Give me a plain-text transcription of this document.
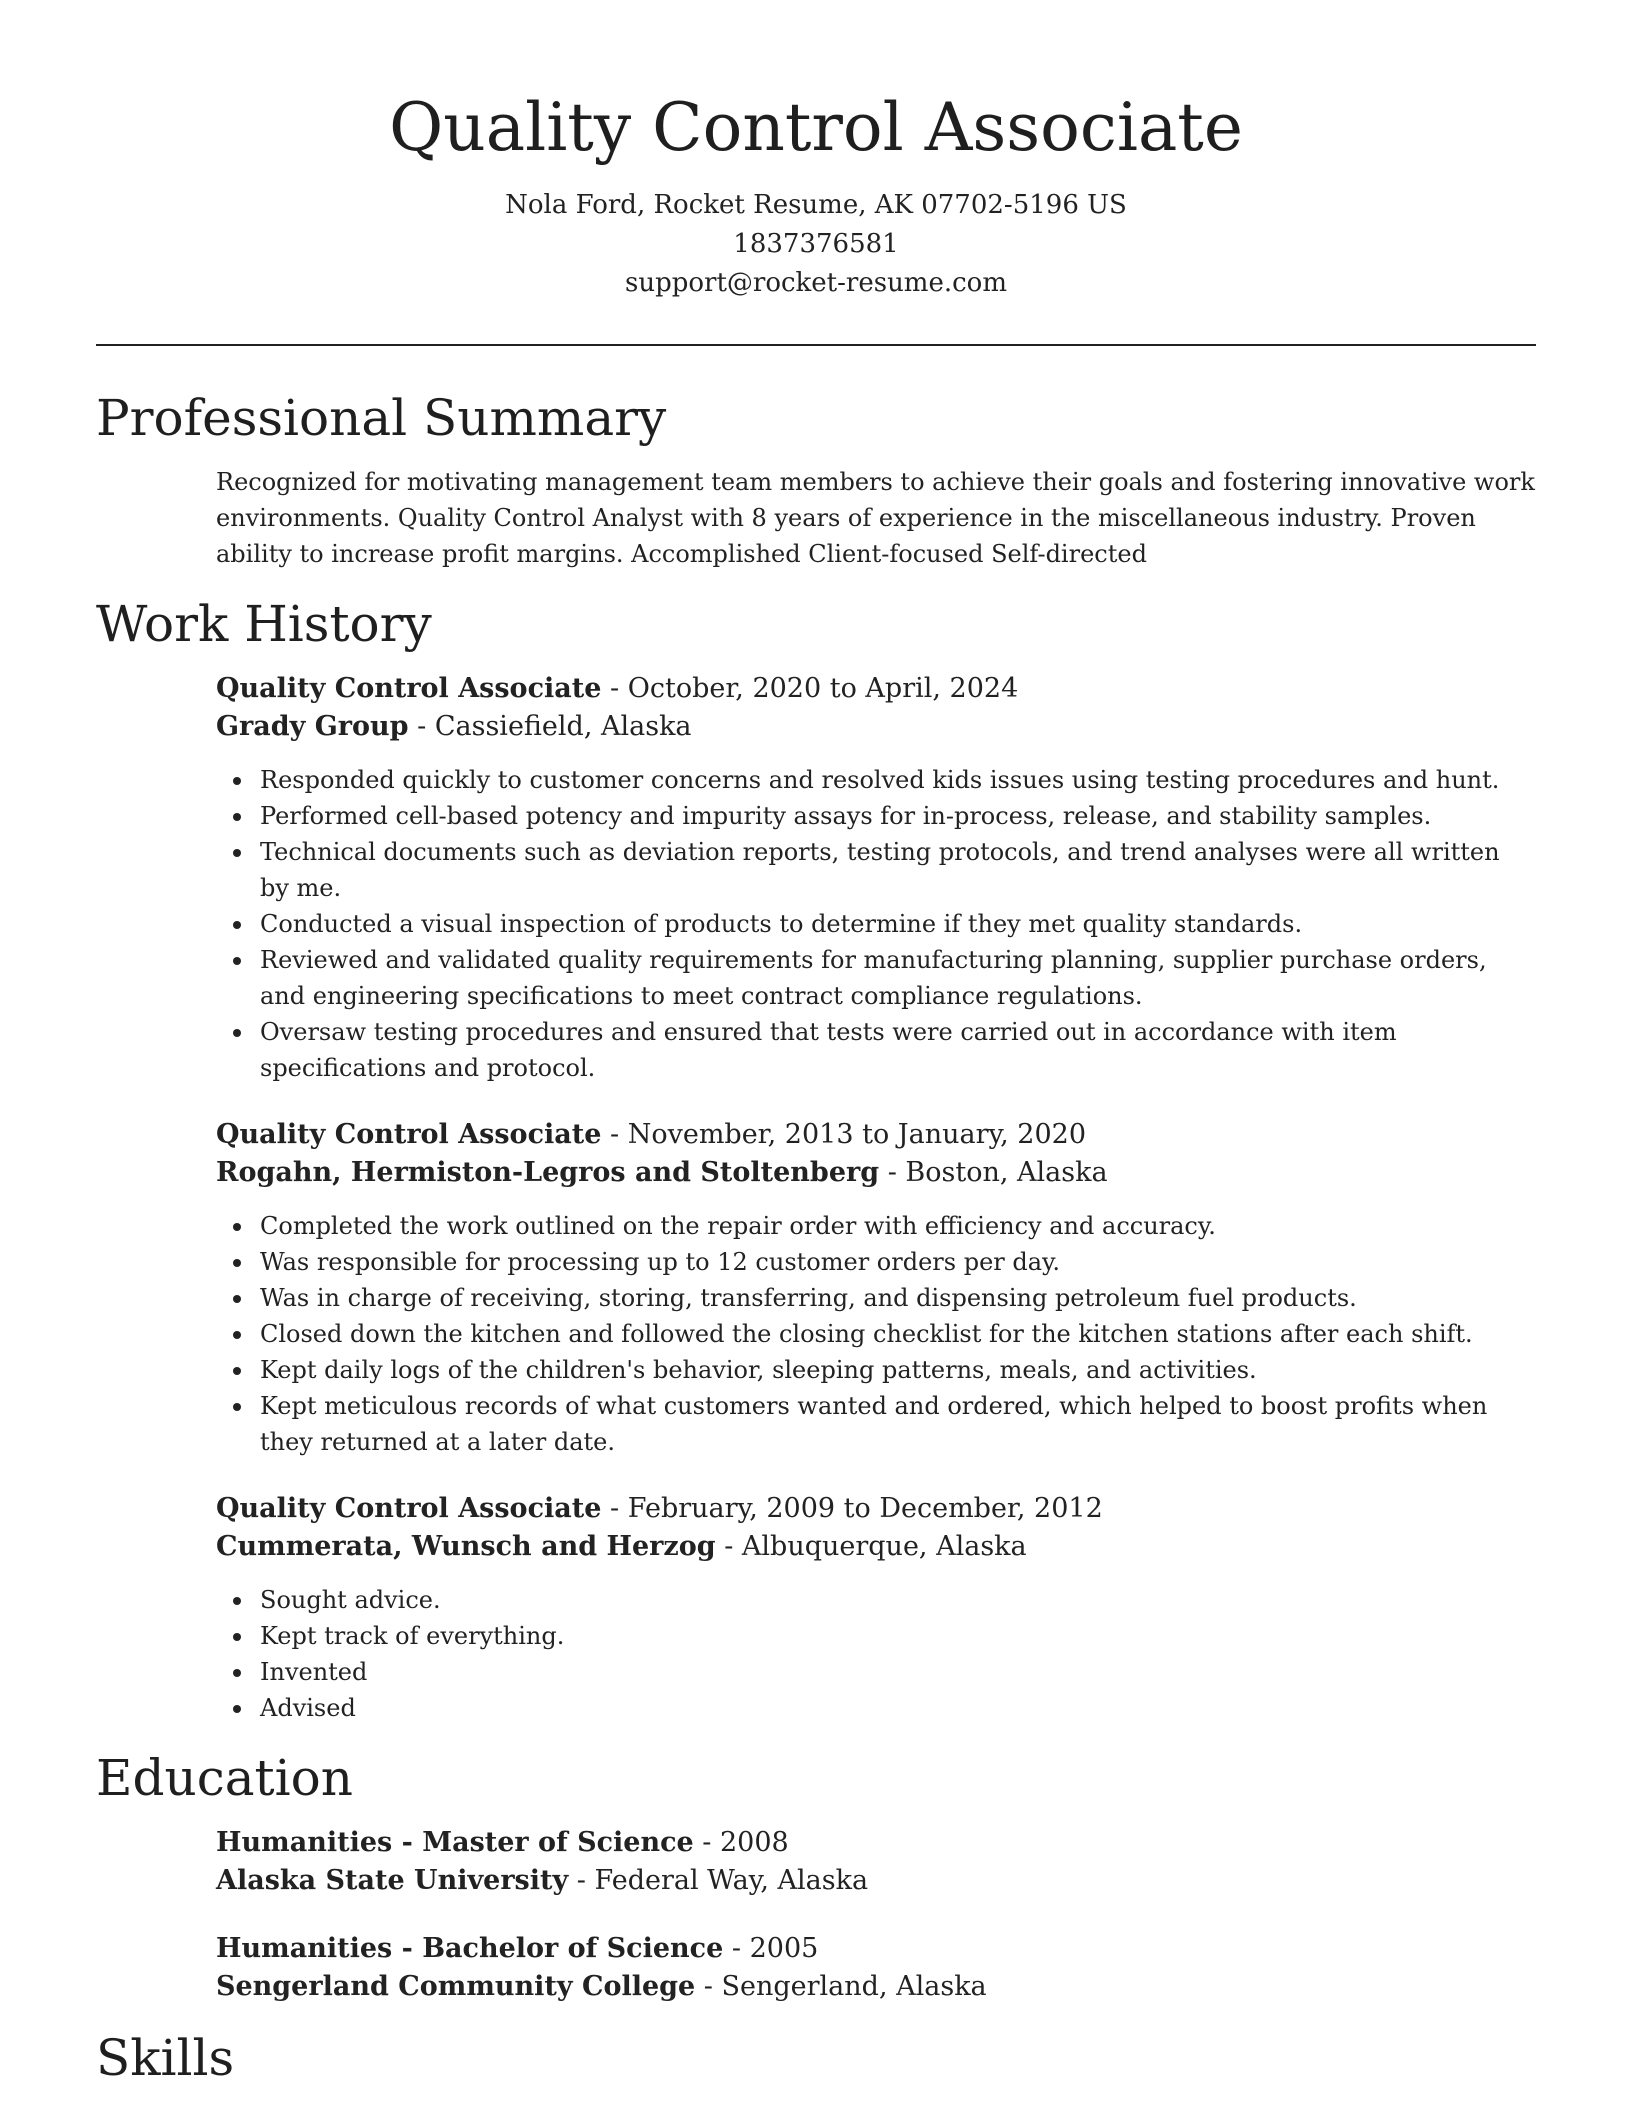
Quality Control Associate
Nola Ford, Rocket Resume, AK 07702-5196 US
1837376581
support@rocket-resume.com
Professional Summary

Recognized for motivating management team members to achieve their goals and fostering innovative work environments. Quality Control Analyst with 8 years of experience in the miscellaneous industry. Proven ability to increase profit margins. Accomplished Client-focused Self-directed

Work History
Quality Control Associate - October, 2020 to April, 2024
Grady Group - Cassiefield, Alaska
Responded quickly to customer concerns and resolved kids issues using testing procedures and hunt.
Performed cell-based potency and impurity assays for in-process, release, and stability samples.
Technical documents such as deviation reports, testing protocols, and trend analyses were all written by me.
Conducted a visual inspection of products to determine if they met quality standards.
Reviewed and validated quality requirements for manufacturing planning, supplier purchase orders, and engineering specifications to meet contract compliance regulations.
Oversaw testing procedures and ensured that tests were carried out in accordance with item specifications and protocol.
Quality Control Associate - November, 2013 to January, 2020
Rogahn, Hermiston-Legros and Stoltenberg - Boston, Alaska
Completed the work outlined on the repair order with efficiency and accuracy.
Was responsible for processing up to 12 customer orders per day.
Was in charge of receiving, storing, transferring, and dispensing petroleum fuel products.
Closed down the kitchen and followed the closing checklist for the kitchen stations after each shift.
Kept daily logs of the children's behavior, sleeping patterns, meals, and activities.
Kept meticulous records of what customers wanted and ordered, which helped to boost profits when they returned at a later date.
Quality Control Associate - February, 2009 to December, 2012
Cummerata, Wunsch and Herzog - Albuquerque, Alaska
Sought advice.
Kept track of everything.
Invented
Advised
Education
Humanities - Master of Science - 2008
Alaska State University - Federal Way, Alaska
Humanities - Bachelor of Science - 2005
Sengerland Community College - Sengerland, Alaska
Skills
